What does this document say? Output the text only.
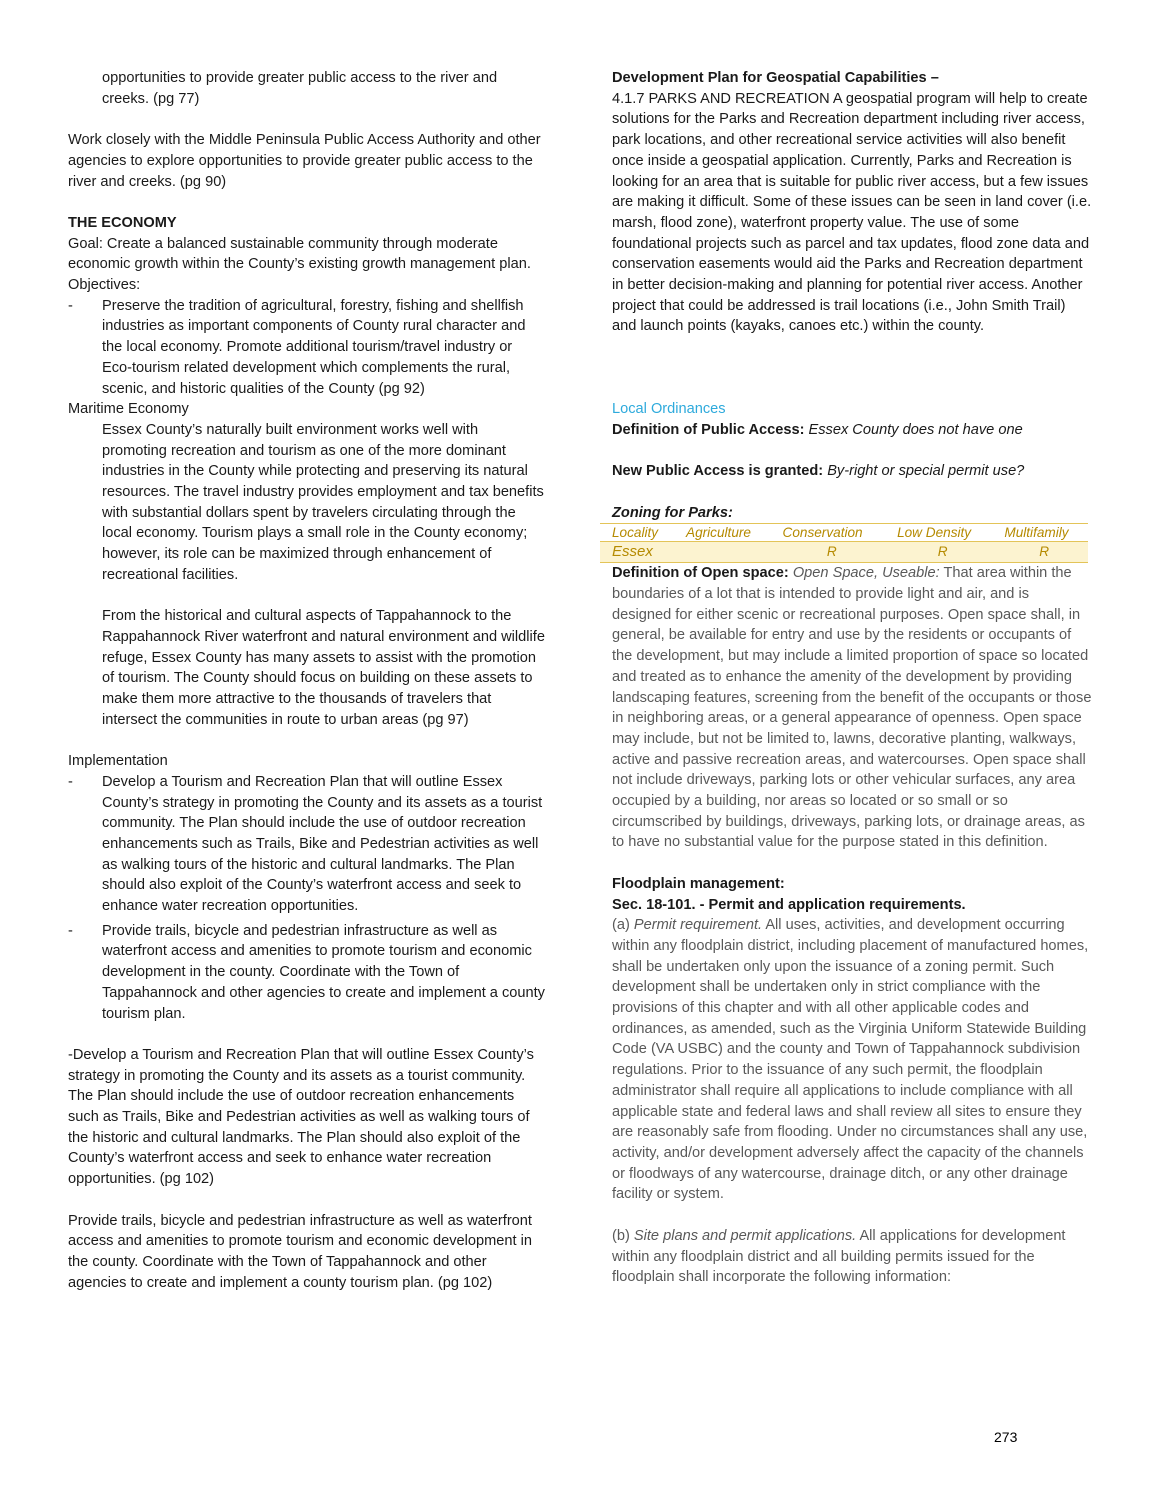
opportunities to provide greater public access to the river and creeks. (pg 77)

Work closely with the Middle Peninsula Public Access Authority and other agencies to explore opportunities to provide greater public access to the river and creeks. (pg 90)

THE ECONOMY

Goal: Create a balanced sustainable community through moderate economic growth within the County’s existing growth management plan.

Objectives:

- Preserve the tradition of agricultural, forestry, fishing and shellfish industries as important components of County rural character and the local economy. Promote additional tourism/travel industry or Eco-tourism related development which complements the rural, scenic, and historic qualities of the County (pg 92)

Maritime Economy

Essex County’s naturally built environment works well with promoting recreation and tourism as one of the more dominant industries in the County while protecting and preserving its natural resources. The travel industry provides employment and tax benefits with substantial dollars spent by travelers circulating through the local economy. Tourism plays a small role in the County economy; however, its role can be maximized through enhancement of recreational facilities.

From the historical and cultural aspects of Tappahannock to the Rappahannock River waterfront and natural environment and wildlife refuge, Essex County has many assets to assist with the promotion of tourism. The County should focus on building on these assets to make them more attractive to the thousands of travelers that intersect the communities in route to urban areas (pg 97)

Implementation

- Develop a Tourism and Recreation Plan that will outline Essex County’s strategy in promoting the County and its assets as a tourist community. The Plan should include the use of outdoor recreation enhancements such as Trails, Bike and Pedestrian activities as well as walking tours of the historic and cultural landmarks. The Plan should also exploit of the County’s waterfront access and seek to enhance water recreation opportunities.
- Provide trails, bicycle and pedestrian infrastructure as well as waterfront access and amenities to promote tourism and economic development in the county. Coordinate with the Town of Tappahannock and other agencies to create and implement a county tourism plan.

-Develop a Tourism and Recreation Plan that will outline Essex County’s strategy in promoting the County and its assets as a tourist community. The Plan should include the use of outdoor recreation enhancements such as Trails, Bike and Pedestrian activities as well as walking tours of the historic and cultural landmarks. The Plan should also exploit of the County’s waterfront access and seek to enhance water recreation opportunities. (pg 102)

Provide trails, bicycle and pedestrian infrastructure as well as waterfront access and amenities to promote tourism and economic development in the county. Coordinate with the Town of Tappahannock and other agencies to create and implement a county tourism plan. (pg 102)

Development Plan for Geospatial Capabilities –

4.1.7 PARKS AND RECREATION A geospatial program will help to create solutions for the Parks and Recreation department including river access, park locations, and other recreational service activities will also benefit once inside a geospatial application. Currently, Parks and Recreation is looking for an area that is suitable for public river access, but a few issues are making it difficult. Some of these issues can be seen in land cover (i.e. marsh, flood zone), waterfront property value. The use of some foundational projects such as parcel and tax updates, flood zone data and conservation easements would aid the Parks and Recreation department in better decision-making and planning for potential river access. Another project that could be addressed is trail locations (i.e., John Smith Trail) and launch points (kayaks, canoes etc.) within the county.

Local Ordinances

Definition of Public Access: Essex County does not have one

New Public Access is granted: By-right or special permit use?

Zoning for Parks:

Locality	Agriculture	Conservation	Low Density	Multifamily
Essex		R	R	R

Definition of Open space: Open Space, Useable: That area within the boundaries of a lot that is intended to provide light and air, and is designed for either scenic or recreational purposes. Open space shall, in general, be available for entry and use by the residents or occupants of the development, but may include a limited proportion of space so located and treated as to enhance the amenity of the development by providing landscaping features, screening from the benefit of the occupants or those in neighboring areas, or a general appearance of openness. Open space may include, but not be limited to, lawns, decorative planting, walkways, active and passive recreation areas, and watercourses. Open space shall not include driveways, parking lots or other vehicular surfaces, any area occupied by a building, nor areas so located or so small or so circumscribed by buildings, driveways, parking lots, or drainage areas, as to have no substantial value for the purpose stated in this definition.

Floodplain management:

Sec. 18-101. - Permit and application requirements.

(a) Permit requirement. All uses, activities, and development occurring within any floodplain district, including placement of manufactured homes, shall be undertaken only upon the issuance of a zoning permit. Such development shall be undertaken only in strict compliance with the provisions of this chapter and with all other applicable codes and ordinances, as amended, such as the Virginia Uniform Statewide Building Code (VA USBC) and the county and Town of Tappahannock subdivision regulations. Prior to the issuance of any such permit, the floodplain administrator shall require all applications to include compliance with all applicable state and federal laws and shall review all sites to ensure they are reasonably safe from flooding. Under no circumstances shall any use, activity, and/or development adversely affect the capacity of the channels or floodways of any watercourse, drainage ditch, or any other drainage facility or system.

(b) Site plans and permit applications. All applications for development within any floodplain district and all building permits issued for the floodplain shall incorporate the following information:

273
